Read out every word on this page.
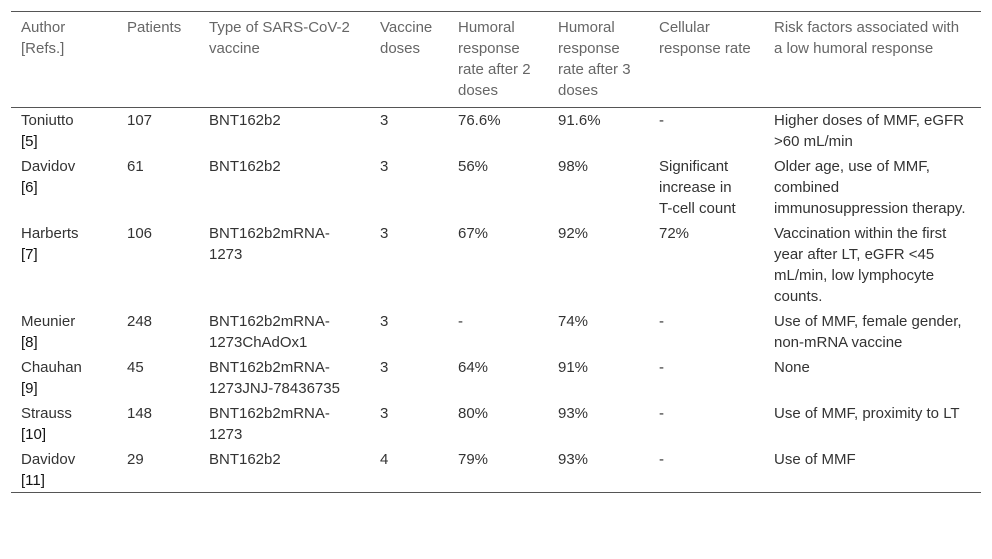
Author [Refs.]	Patients	Type of SARS-CoV-2 vaccine	Vaccine doses	Humoral response rate after 2 doses	Humoral response rate after 3 doses	Cellular response rate	Risk factors associated with a low humoral response

Toniutto
[5]	107	BNT162b2	3	76.6%	91.6%	-	Higher doses of MMF, eGFR >60 mL/min

Davidov
[6]	61	BNT162b2	3	56%	98%	Significant increase in T-cell count	Older age, use of MMF, combined immunosuppression therapy.

Harberts
[7]	106	BNT162b2mRNA-1273	3	67%	92%	72%	Vaccination within the first year after LT, eGFR <45 mL/min, low lymphocyte counts.

Meunier
[8]	248	BNT162b2mRNA-1273ChAdOx1	3	-	74%	-	Use of MMF, female gender, non-mRNA vaccine

Chauhan
[9]	45	BNT162b2mRNA-1273JNJ-78436735	3	64%	91%	-	None

Strauss
[10]	148	BNT162b2mRNA-1273	3	80%	93%	-	Use of MMF, proximity to LT

Davidov
[11]	29	BNT162b2	4	79%	93%	-	Use of MMF
